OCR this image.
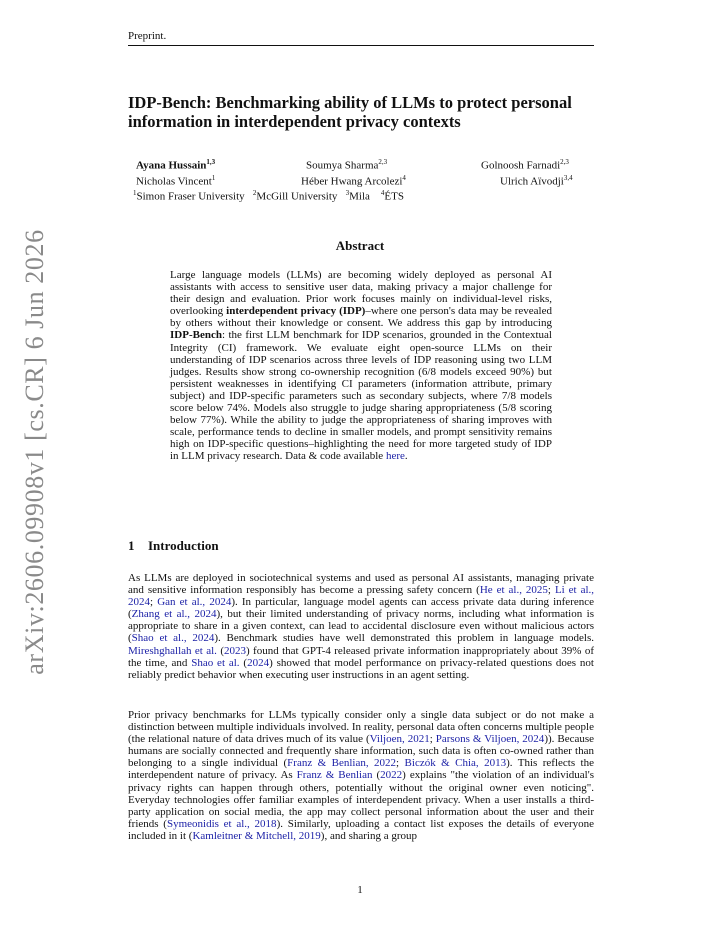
Preprint.
arXiv:2606.09908v1 [cs.CR] 6 Jun 2026
IDP-Bench: Benchmarking ability of LLMs to protect personal information in interdependent privacy contexts
Ayana Hussain$^{1,3}$	Soumya Sharma$^{2,3}$	Golnoosh Farnadi$^{2,3}$
Nicholas Vincent$^1$	Héber Hwang Arcolezi$^4$	Ulrich Aïvodji$^{3,4}$
$^1$Simon Fraser University $^2$McGill University $^3$Mila $^4$ÉTS
Abstract
Large language models (LLMs) are becoming widely deployed as personal AI assistants with access to sensitive user data, making privacy a major challenge for their design and evaluation. Prior work focuses mainly on individual-level risks, overlooking interdependent privacy (IDP)–where one person's data may be revealed by others without their knowledge or consent. We address this gap by introducing IDP-Bench: the first LLM benchmark for IDP scenarios, grounded in the Contextual Integrity (CI) framework. We evaluate eight open-source LLMs on their understanding of IDP scenarios across three levels of IDP reasoning using two LLM judges. Results show strong co-ownership recognition (6/8 models exceed 90%) but persistent weaknesses in identifying CI parameters (information attribute, primary subject) and IDP-specific parameters such as secondary subjects, where 7/8 models score below 74%. Models also struggle to judge sharing appropriateness (5/8 scoring below 77%). While the ability to judge the appropriateness of sharing improves with scale, performance tends to decline in smaller models, and prompt sensitivity remains high on IDP-specific questions–highlighting the need for more targeted study of IDP in LLM privacy research. Data & code available here.
1 Introduction
As LLMs are deployed in sociotechnical systems and used as personal AI assistants, managing private and sensitive information responsibly has become a pressing safety concern (He et al., 2025; Li et al., 2024; Gan et al., 2024). In particular, language model agents can access private data during inference (Zhang et al., 2024), but their limited understanding of privacy norms, including what information is appropriate to share in a given context, can lead to accidental disclosure even without malicious actors (Shao et al., 2024). Benchmark studies have well demonstrated this problem in language models. Mireshghallah et al. (2023) found that GPT-4 released private information inappropriately about 39% of the time, and Shao et al. (2024) showed that model performance on privacy-related questions does not reliably predict behavior when executing user instructions in an agent setting.
Prior privacy benchmarks for LLMs typically consider only a single data subject or do not make a distinction between multiple individuals involved. In reality, personal data often concerns multiple people (the relational nature of data drives much of its value (Viljoen, 2021; Parsons & Viljoen, 2024)). Because humans are socially connected and frequently share information, such data is often co-owned rather than belonging to a single individual (Franz & Benlian, 2022; Biczók & Chia, 2013). This reflects the interdependent nature of privacy. As Franz & Benlian (2022) explains "the violation of an individual's privacy rights can happen through others, potentially without the original owner even noticing". Everyday technologies offer familiar examples of interdependent privacy. When a user installs a third-party application on social media, the app may collect personal information about the user and their friends (Symeonidis et al., 2018). Similarly, uploading a contact list exposes the details of everyone included in it (Kamleitner & Mitchell, 2019), and sharing a group
1
